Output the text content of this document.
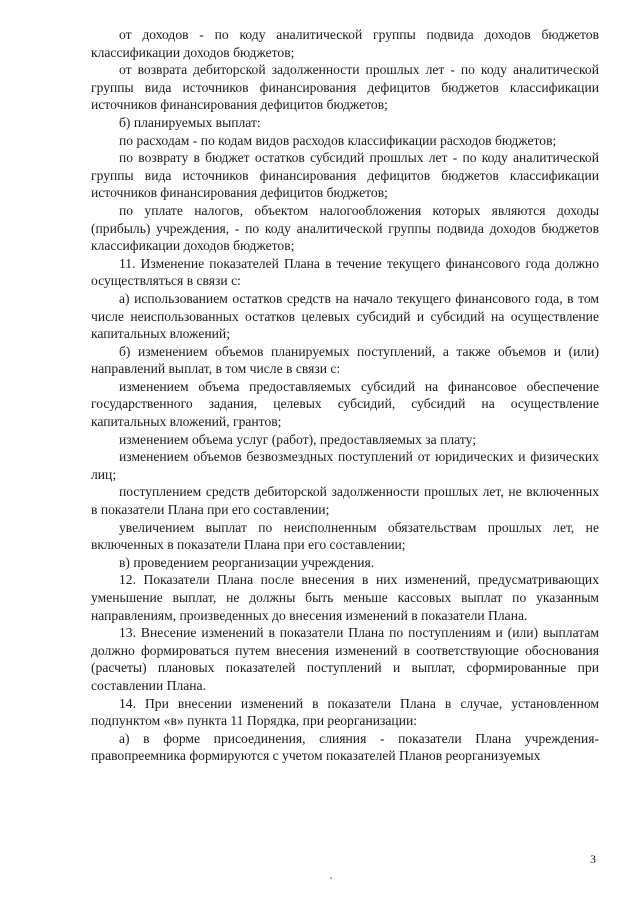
от доходов - по коду аналитической группы подвида доходов бюджетов классификации доходов бюджетов;

от возврата дебиторской задолженности прошлых лет - по коду аналитической группы вида источников финансирования дефицитов бюджетов классификации источников финансирования дефицитов бюджетов;

б) планируемых выплат:

по расходам - по кодам видов расходов классификации расходов бюджетов;

по возврату в бюджет остатков субсидий прошлых лет - по коду аналитической группы вида источников финансирования дефицитов бюджетов классификации источников финансирования дефицитов бюджетов;

по уплате налогов, объектом налогообложения которых являются доходы (прибыль) учреждения, - по коду аналитической группы подвида доходов бюджетов классификации доходов бюджетов;

11. Изменение показателей Плана в течение текущего финансового года должно осуществляться в связи с:

а) использованием остатков средств на начало текущего финансового года, в том числе неиспользованных остатков целевых субсидий и субсидий на осуществление капитальных вложений;

б) изменением объемов планируемых поступлений, а также объемов и (или) направлений выплат, в том числе в связи с:

изменением объема предоставляемых субсидий на финансовое обеспечение государственного задания, целевых субсидий, субсидий на осуществление капитальных вложений, грантов;

изменением объема услуг (работ), предоставляемых за плату;

изменением объемов безвозмездных поступлений от юридических и физических лиц;

поступлением средств дебиторской задолженности прошлых лет, не включенных в показатели Плана при его составлении;

увеличением выплат по неисполненным обязательствам прошлых лет, не включенных в показатели Плана при его составлении;

в) проведением реорганизации учреждения.

12. Показатели Плана после внесения в них изменений, предусматривающих уменьшение выплат, не должны быть меньше кассовых выплат по указанным направлениям, произведенных до внесения изменений в показатели Плана.

13. Внесение изменений в показатели Плана по поступлениям и (или) выплатам должно формироваться путем внесения изменений в соответствующие обоснования (расчеты) плановых показателей поступлений и выплат, сформированные при составлении Плана.

14. При внесении изменений в показатели Плана в случае, установленном подпунктом «в» пункта 11 Порядка, при реорганизации:

а) в форме присоединения, слияния - показатели Плана учреждения-правопреемника формируются с учетом показателей Планов реорганизуемых

3
